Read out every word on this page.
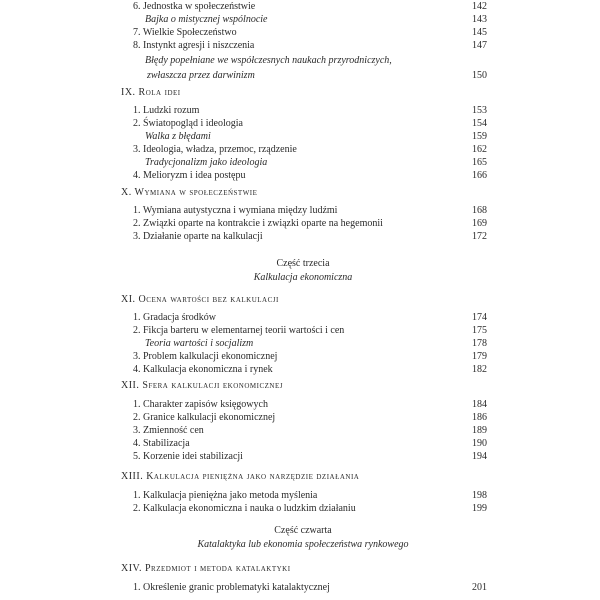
6. Jednostka w społeczeństwie	142
Bajka o mistycznej wspólnocie	143
7. Wielkie Społeczeństwo	145
8. Instynkt agresji i niszczenia	147
Błędy popełniane we współczesnych naukach przyrodniczych,
zwłaszcza przez darwinizm	150
IX. Rola idei
1. Ludzki rozum	153
2. Światopogląd i ideologia	154
Walka z błędami	159
3. Ideologia, władza, przemoc, rządzenie	162
Tradycjonalizm jako ideologia	165
4. Melioryzm i idea postępu	166
X. Wymiana w społeczeństwie
1. Wymiana autystyczna i wymiana między ludźmi	168
2. Związki oparte na kontrakcie i związki oparte na hegemonii	169
3. Działanie oparte na kalkulacji	172
Część trzecia
Kalkulacja ekonomiczna
XI. Ocena wartości bez kalkulacji
1. Gradacja środków	174
2. Fikcja barteru w elementarnej teorii wartości i cen	175
Teoria wartości i socjalizm	178
3. Problem kalkulacji ekonomicznej	179
4. Kalkulacja ekonomiczna i rynek	182
XII. Sfera kalkulacji ekonomicznej
1. Charakter zapisów księgowych	184
2. Granice kalkulacji ekonomicznej	186
3. Zmienność cen	189
4. Stabilizacja	190
5. Korzenie idei stabilizacji	194
XIII. Kalkulacja pieniężna jako narzędzie działania
1. Kalkulacja pieniężna jako metoda myślenia	198
2. Kalkulacja ekonomiczna i nauka o ludzkim działaniu	199
Część czwarta
Katalaktyka lub ekonomia społeczeństwa rynkowego
XIV. Przedmiot i metoda katalaktyki
1. Określenie granic problematyki katalaktycznej	201
